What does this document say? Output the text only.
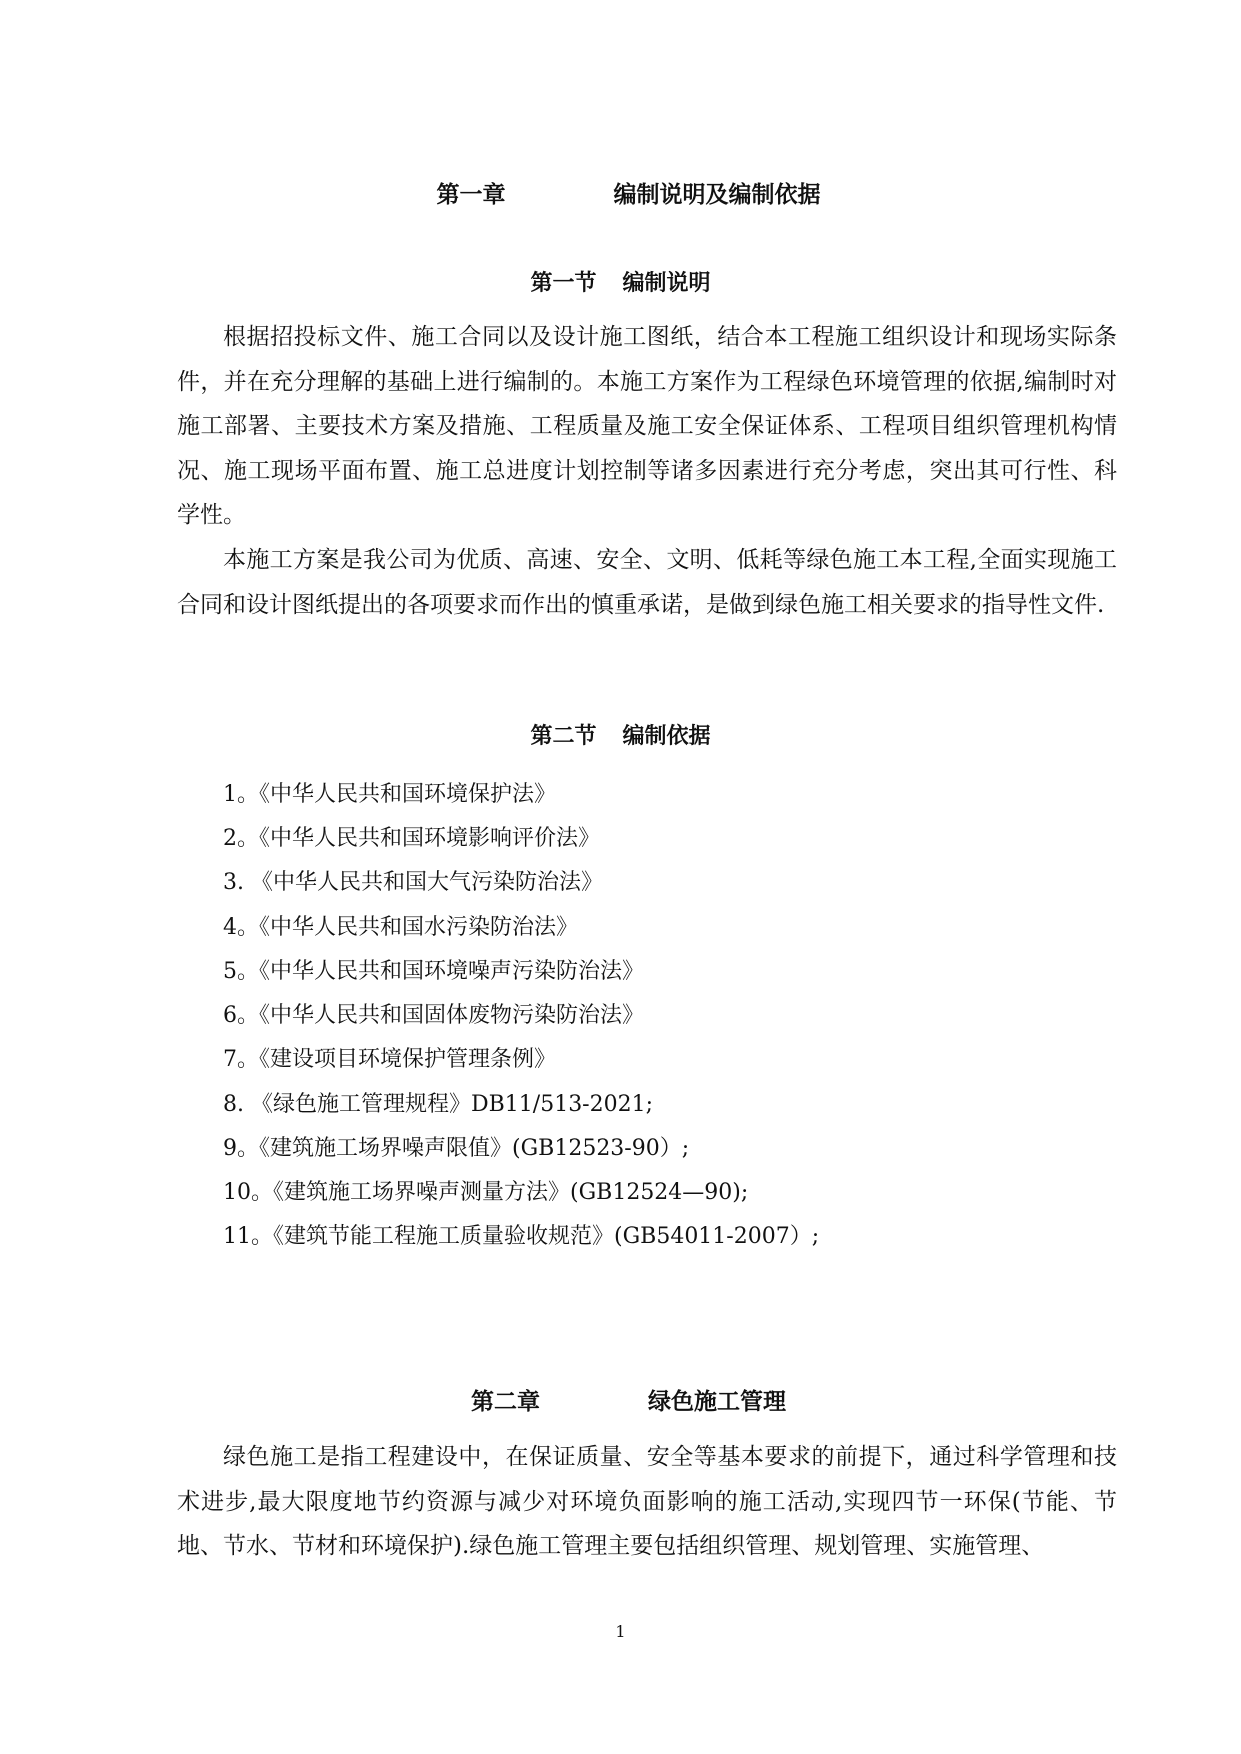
第一章	编制说明及编制依据

第一节 编制说明
根据招投标文件、施工合同以及设计施工图纸，结合本工程施工组织设计和现场实际条件，并在充分理解的基础上进行编制的。本施工方案作为工程绿色环境管理的依据,编制时对施工部署、主要技术方案及措施、工程质量及施工安全保证体系、工程项目组织管理机构情况、施工现场平面布置、施工总进度计划控制等诸多因素进行充分考虑，突出其可行性、科学性。
本施工方案是我公司为优质、高速、安全、文明、低耗等绿色施工本工程,全面实现施工合同和设计图纸提出的各项要求而作出的慎重承诺，是做到绿色施工相关要求的指导性文件.
第二节 编制依据
1。《中华人民共和国环境保护法》
2。《中华人民共和国环境影响评价法》
3. 《中华人民共和国大气污染防治法》
4。《中华人民共和国水污染防治法》
5。《中华人民共和国环境噪声污染防治法》
6。《中华人民共和国固体废物污染防治法》
7。《建设项目环境保护管理条例》
8. 《绿色施工管理规程》DB11/513-2021;
9。《建筑施工场界噪声限值》(GB12523-90）;
10。《建筑施工场界噪声测量方法》(GB12524—90);
11。《建筑节能工程施工质量验收规范》(GB54011-2007）;

第二章	绿色施工管理

绿色施工是指工程建设中，在保证质量、安全等基本要求的前提下，通过科学管理和技术进步,最大限度地节约资源与减少对环境负面影响的施工活动,实现四节一环保(节能、节地、节水、节材和环境保护).绿色施工管理主要包括组织管理、规划管理、实施管理、
1
